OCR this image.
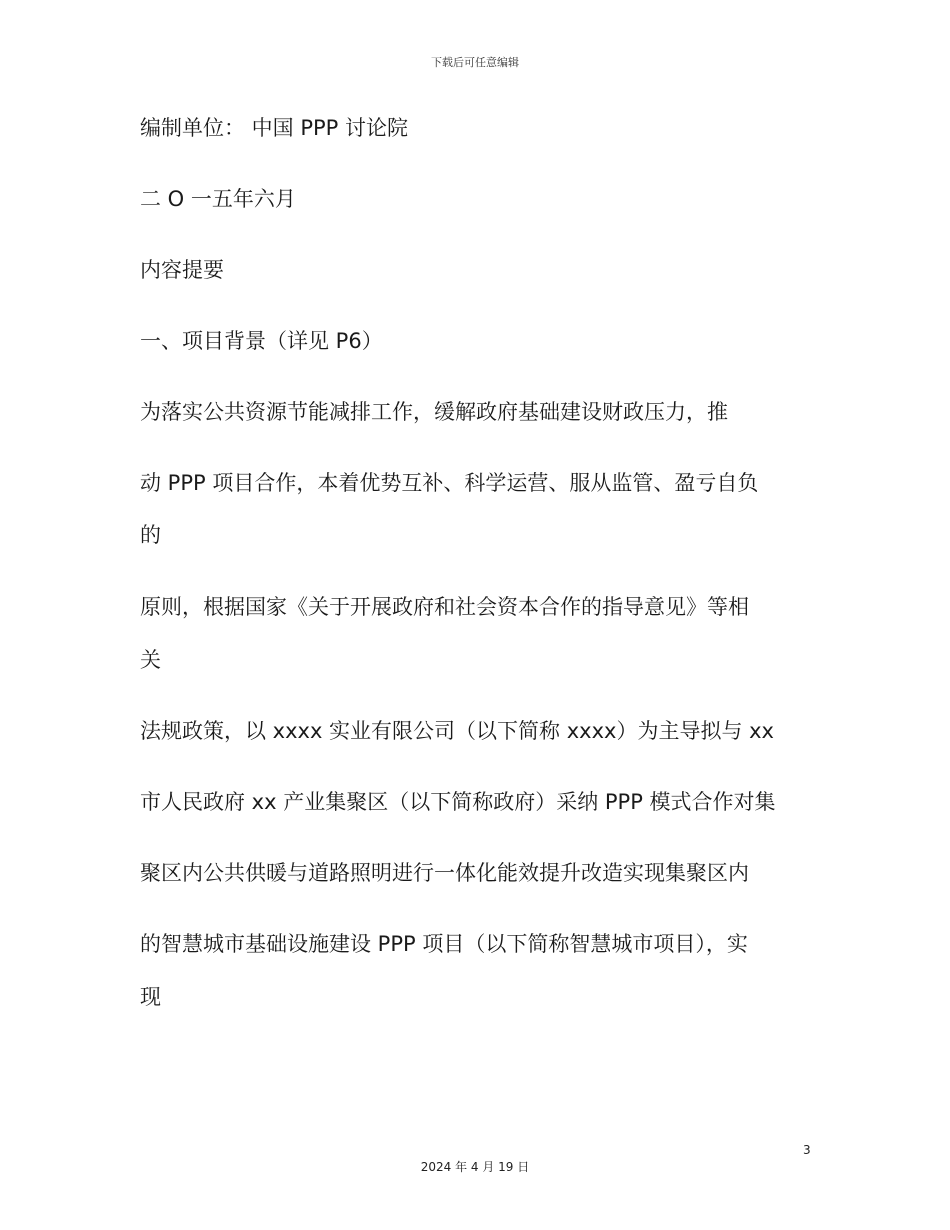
下载后可任意编辑
编制单位： 中国 PPP 讨论院
二 O 一五年六月
内容提要
一、项目背景（详见 P6）
为落实公共资源节能减排工作，缓解政府基础建设财政压力，推
动 PPP 项目合作，本着优势互补、科学运营、服从监管、盈亏自负
的
原则，根据国家《关于开展政府和社会资本合作的指导意见》等相
关
法规政策，以 xxxx 实业有限公司（以下简称 xxxx）为主导拟与 xx
市人民政府 xx 产业集聚区（以下简称政府）采纳 PPP 模式合作对集
聚区内公共供暖与道路照明进行一体化能效提升改造实现集聚区内
的智慧城市基础设施建设 PPP 项目（以下简称智慧城市项目），实
现
3
2024 年 4 月 19 日
